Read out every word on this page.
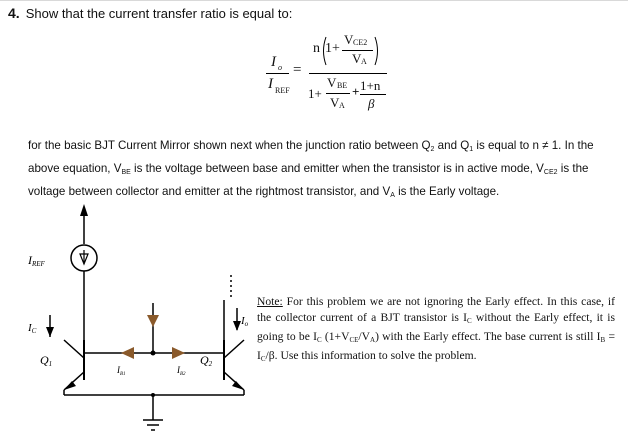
4. Show that the current transfer ratio is equal to:
I o
I REF
=
n 1+
V CE2
V A
1+
V BE
V A
+ 1+n
β
for the basic BJT Current Mirror shown next when the junction ratio between $Q_2$ and $Q_1$ is equal to n ≠ 1. In the
above equation, $V_{BE}$ is the voltage between base and emitter when the transistor is in active mode, $V_{CE2}$ is the
voltage between collector and emitter at the rightmost transistor, and $V_A$ is the Early voltage.
IREF
IC
Io
Q1	Q2
$I_{B1}$	$I_{B2}$
Note: For this problem we are not ignoring the Early effect. In this case, if the collector current of a BJT transistor is $I_C$ without the Early effect, it is going to be $I_C$ $(1+V_{CE}/V_A)$ with the Early effect. The base current is still $I_B = I_C/\beta$. Use this information to solve the problem.
